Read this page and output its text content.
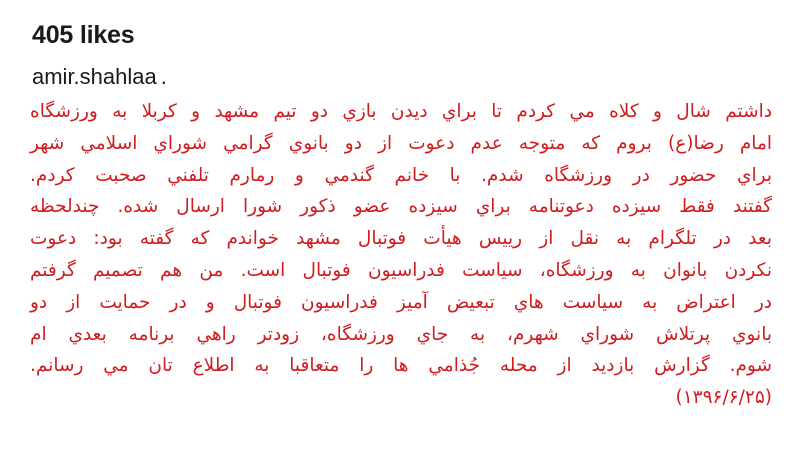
405 likes
amir.shahlaa .
داشتم شال و کلاه مي کردم تا براي ديدن بازي دو تيم مشهد و کربلا به ورزشگاه
امام رضا(ع) بروم که متوجه عدم دعوت از دو بانوي گرامي شوراي اسلامي شهر
براي حضور در ورزشگاه شدم. با خانم گندمي و رمارم تلفني صحبت کردم.
گفتند فقط سيزده دعوتنامه براي سيزده عضو ذکور شورا ارسال شده. چندلحظه
بعد در تلگرام به نقل از رييس هيأت فوتبال مشهد خواندم که گفته بود: دعوت
نکردن بانوان به ورزشگاه، سياست فدراسيون فوتبال است. من هم تصميم گرفتم
در اعتراض به سياست هاي تبعيض آميز فدراسيون فوتبال و در حمايت از دو
بانوي پرتلاش شوراي شهرم، به جاي ورزشگاه، زودتر راهي برنامه بعدي ام
شوم. گزارش بازديد از محله جُذامي ها را متعاقبا به اطلاع تان مي رسانم.
(۱۳۹۶/۶/۲۵)
